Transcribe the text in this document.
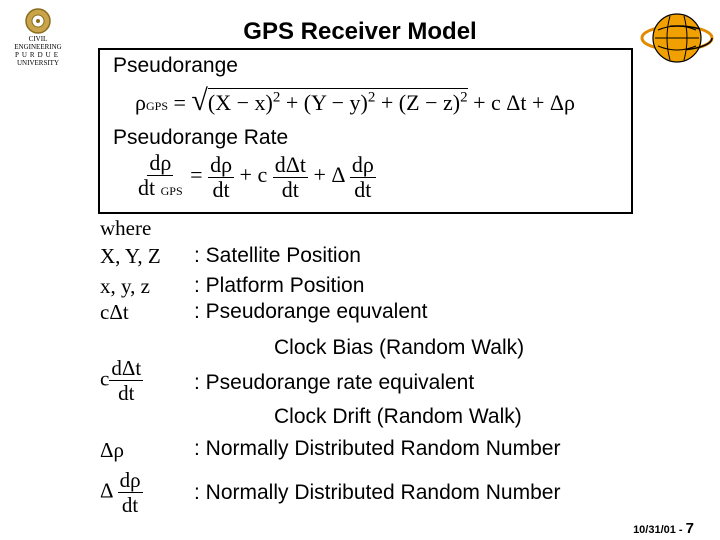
CIVIL
ENGINEERING
PURDUE
UNIVERSITY
GPS Receiver Model
Pseudorange
$\rho GPS = √(X - x)^2 + (Y - y)^2 + (Z - z)^2 + c$ Δt + Δρ
Pseudorange Rate
$\frac{d\rho}{\text{dt GPS}} = \frac{d\rho}{dt} + c \frac{\text{dΔt}}{dt} + \Delta \frac{d\rho}{dt}$
where
X, Y, Z : Satellite Position
x, y, z : Platform Position
cΔt	: Pseudorange equvalent
Clock Bias (Random Walk)
c $\frac{\text{dΔt}}{dt}$ : Pseudorange rate equivalent
Clock Drift (Random Walk)
Δρ	: Normally Distributed Random Number
Δ $\frac{d\rho}{dt}$ : Normally Distributed Random Number
10/31/01 - 7
